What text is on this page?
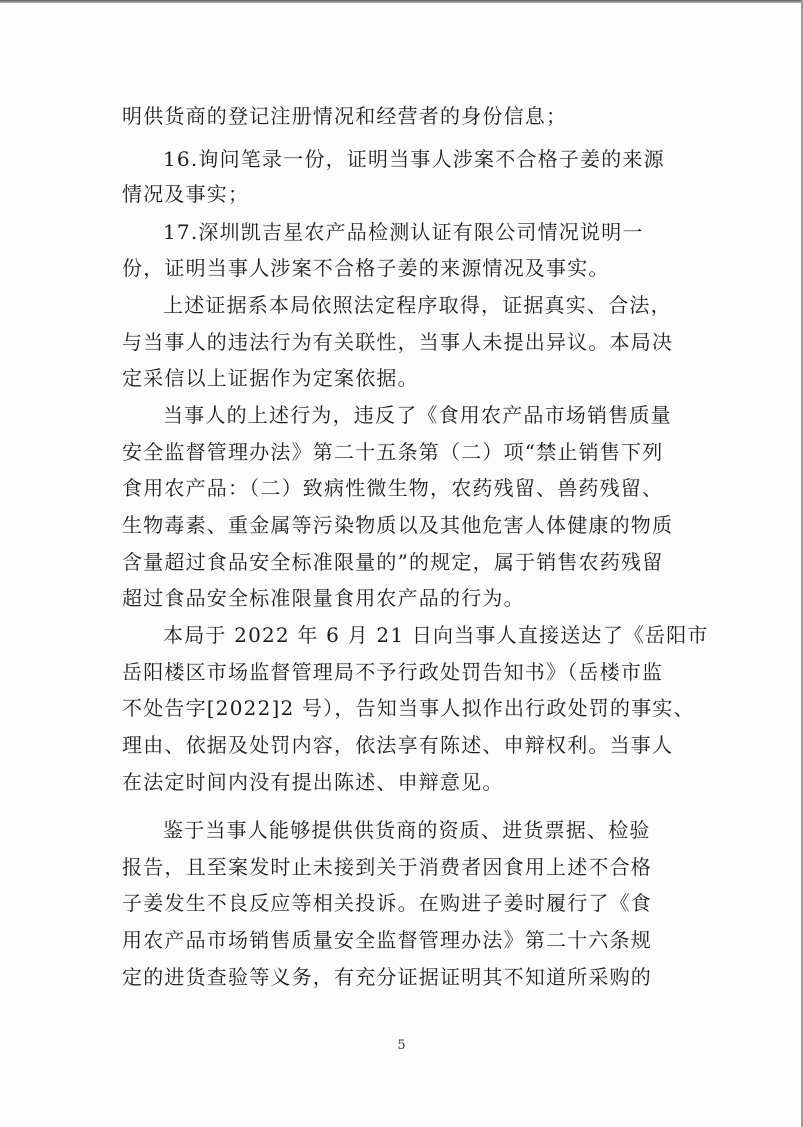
明供货商的登记注册情况和经营者的身份信息；
16.询问笔录一份，证明当事人涉案不合格子姜的来源
情况及事实；
17.深圳凯吉星农产品检测认证有限公司情况说明一
份，证明当事人涉案不合格子姜的来源情况及事实。
上述证据系本局依照法定程序取得，证据真实、合法，
与当事人的违法行为有关联性，当事人未提出异议。本局决
定采信以上证据作为定案依据。
当事人的上述行为，违反了《食用农产品市场销售质量
安全监督管理办法》第二十五条第（二）项“禁止销售下列
食用农产品：（二）致病性微生物，农药残留、兽药残留、
生物毒素、重金属等污染物质以及其他危害人体健康的物质
含量超过食品安全标准限量的”的规定，属于销售农药残留
超过食品安全标准限量食用农产品的行为。
本局于 2022 年 6 月 21 日向当事人直接送达了《岳阳市
岳阳楼区市场监督管理局不予行政处罚告知书》（岳楼市监
不处告字[2022]2 号），告知当事人拟作出行政处罚的事实、
理由、依据及处罚内容，依法享有陈述、申辩权利。当事人
在法定时间内没有提出陈述、申辩意见。
鉴于当事人能够提供供货商的资质、进货票据、检验
报告，且至案发时止未接到关于消费者因食用上述不合格
子姜发生不良反应等相关投诉。在购进子姜时履行了《食
用农产品市场销售质量安全监督管理办法》第二十六条规
定的进货查验等义务，有充分证据证明其不知道所采购的
5
